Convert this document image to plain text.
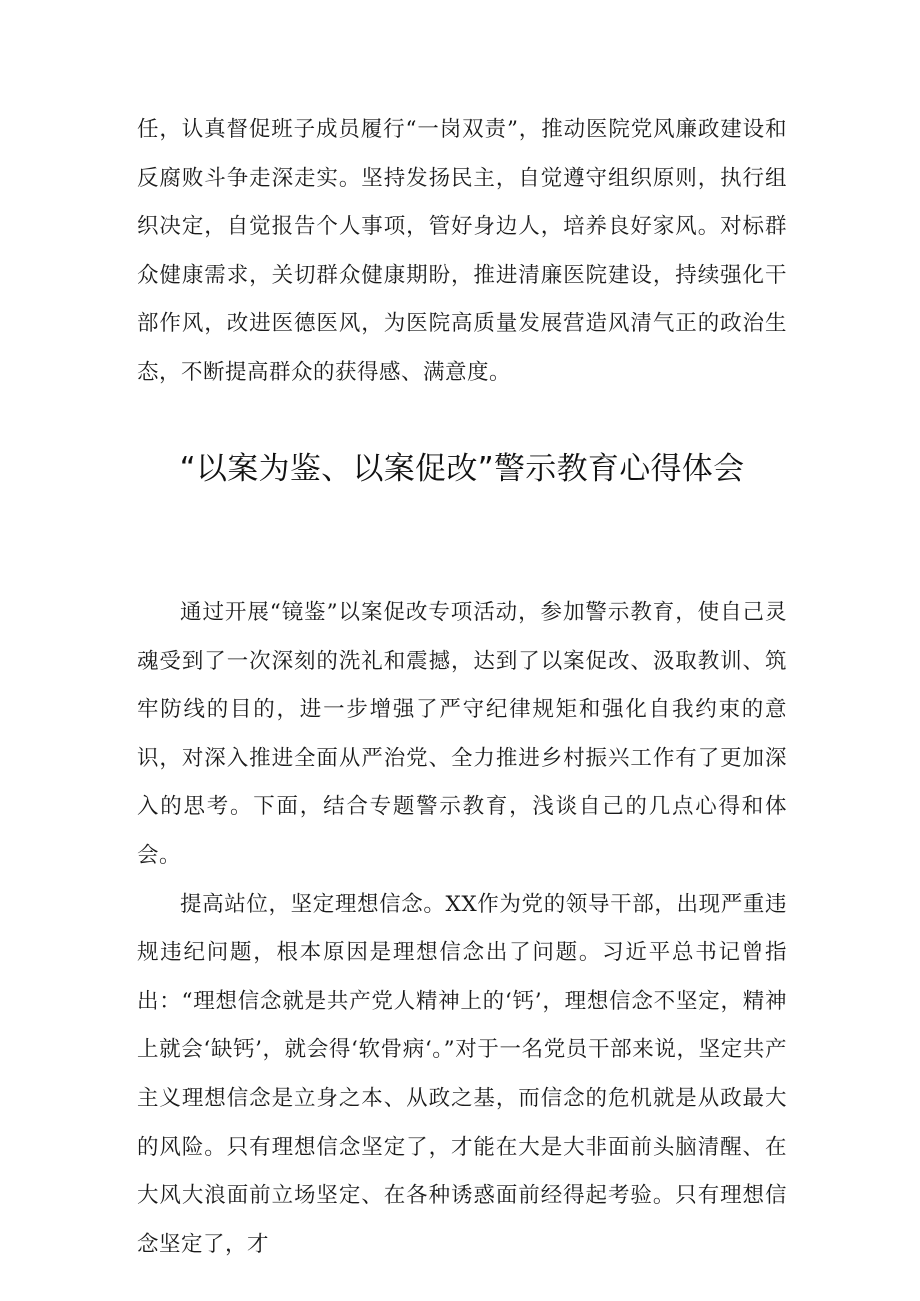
任，认真督促班子成员履行“一岗双责”，推动医院党风廉政建设和反腐败斗争走深走实。坚持发扬民主，自觉遵守组织原则，执行组织决定，自觉报告个人事项，管好身边人，培养良好家风。对标群众健康需求，关切群众健康期盼，推进清廉医院建设，持续强化干部作风，改进医德医风，为医院高质量发展营造风清气正的政治生态，不断提高群众的获得感、满意度。

“以案为鉴、以案促改”警示教育心得体会

通过开展“镜鉴”以案促改专项活动，参加警示教育，使自己灵魂受到了一次深刻的洗礼和震撼，达到了以案促改、汲取教训、筑牢防线的目的，进一步增强了严守纪律规矩和强化自我约束的意识，对深入推进全面从严治党、全力推进乡村振兴工作有了更加深入的思考。下面，结合专题警示教育，浅谈自己的几点心得和体会。

提高站位，坚定理想信念。XX作为党的领导干部，出现严重违规违纪问题，根本原因是理想信念出了问题。习近平总书记曾指出：“理想信念就是共产党人精神上的‘钙’，理想信念不坚定，精神上就会‘缺钙’，就会得‘软骨病‘。”对于一名党员干部来说，坚定共产主义理想信念是立身之本、从政之基，而信念的危机就是从政最大的风险。只有理想信念坚定了，才能在大是大非面前头脑清醒、在大风大浪面前立场坚定、在各种诱惑面前经得起考验。只有理想信念坚定了，才
